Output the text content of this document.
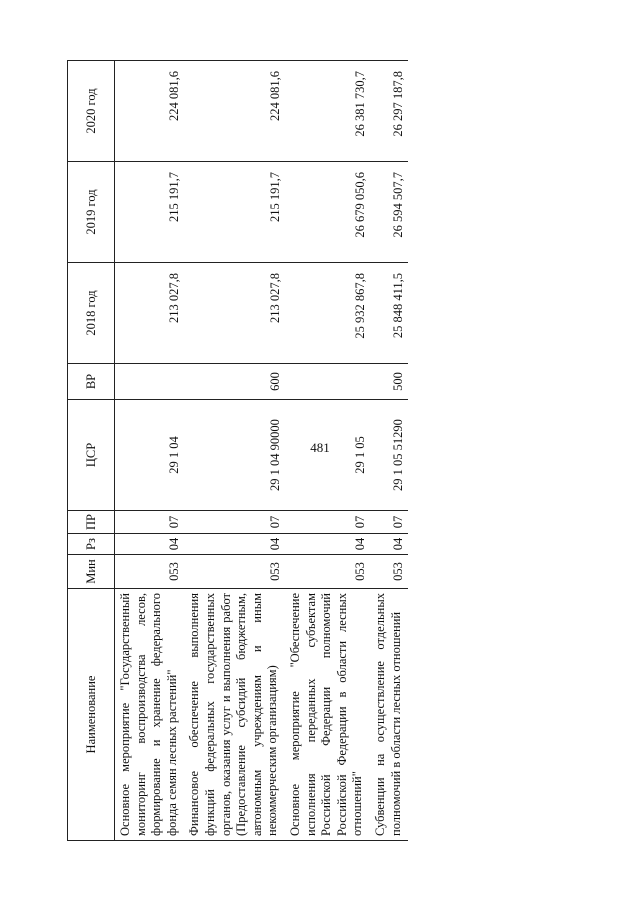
481
Наименование	Мин	Рз	ПР	ЦСР	ВР	2018 год	2019 год	2020 год
Основное мероприятие "Государственный мониторинг воспроизводства лесов, формирование и хранение федерального фонда семян лесных растений"	053	04	07	29 1 04		213 027,8	215 191,7	224 081,6
Финансовое обеспечение выполнения функций федеральных государственных органов, оказания услуг и выполнения работ (Предоставление субсидий бюджетным, автономным учреждениям и иным некоммерческим организациям)	053	04	07	29 1 04 90000	600	213 027,8	215 191,7	224 081,6
Основное мероприятие "Обеспечение исполнения переданных субъектам Российской Федерации полномочий Российской Федерации в области лесных отношений"	053	04	07	29 1 05		25 932 867,8	26 679 050,6	26 381 730,7
Субвенции на осуществление отдельных полномочий в области лесных отношений	053	04	07	29 1 05 51290	500	25 848 411,5	26 594 507,7	26 297 187,8
